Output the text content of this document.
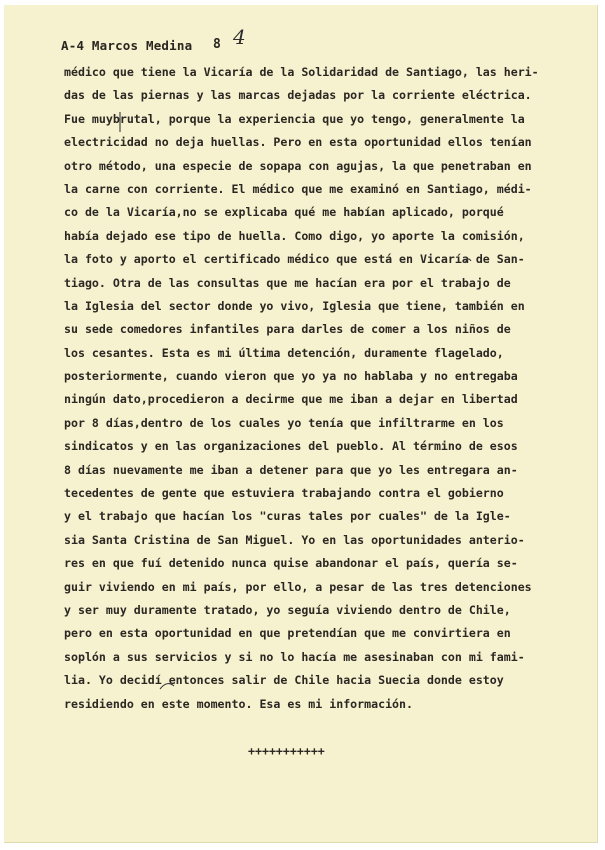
A-4 Marcos Medina 8 4
médico que tiene la Vicaría de la Solidaridad de Santiago, las heri-
das de las piernas y las marcas dejadas por la corriente eléctrica.
Fue muybrutal, porque la experiencia que yo tengo, generalmente la
electricidad no deja huellas. Pero en esta oportunidad ellos tenían
otro método, una especie de sopapa con agujas, la que penetraban en
la carne con corriente. El médico que me examinó en Santiago, médi-
co de la Vicaría,no se explicaba qué me habían aplicado, porqué
había dejado ese tipo de huella. Como digo, yo aporte la comisión,
la foto y aporto el certificado médico que está en Vicaría de San-
tiago. Otra de las consultas que me hacían era por el trabajo de
la Iglesia del sector donde yo vivo, Iglesia que tiene, también en
su sede comedores infantiles para darles de comer a los niños de
los cesantes. Esta es mi última detención, duramente flagelado,
posteriormente, cuando vieron que yo ya no hablaba y no entregaba
ningún dato,procedieron a decirme que me iban a dejar en libertad
por 8 días,dentro de los cuales yo tenía que infiltrarme en los
sindicatos y en las organizaciones del pueblo. Al término de esos
8 días nuevamente me iban a detener para que yo les entregara an-
tecedentes de gente que estuviera trabajando contra el gobierno
y el trabajo que hacían los "curas tales por cuales" de la Igle-
sia Santa Cristina de San Miguel. Yo en las oportunidades anterio-
res en que fuí detenido nunca quise abandonar el país, quería se-
guir viviendo en mi país, por ello, a pesar de las tres detenciones
y ser muy duramente tratado, yo seguía viviendo dentro de Chile,
pero en esta oportunidad en que pretendían que me convirtiera en
soplón a sus servicios y si no lo hacía me asesinaban con mi fami-
lia. Yo decidí entonces salir de Chile hacia Suecia donde estoy
residiendo en este momento. Esa es mi información.
+++++++++++
